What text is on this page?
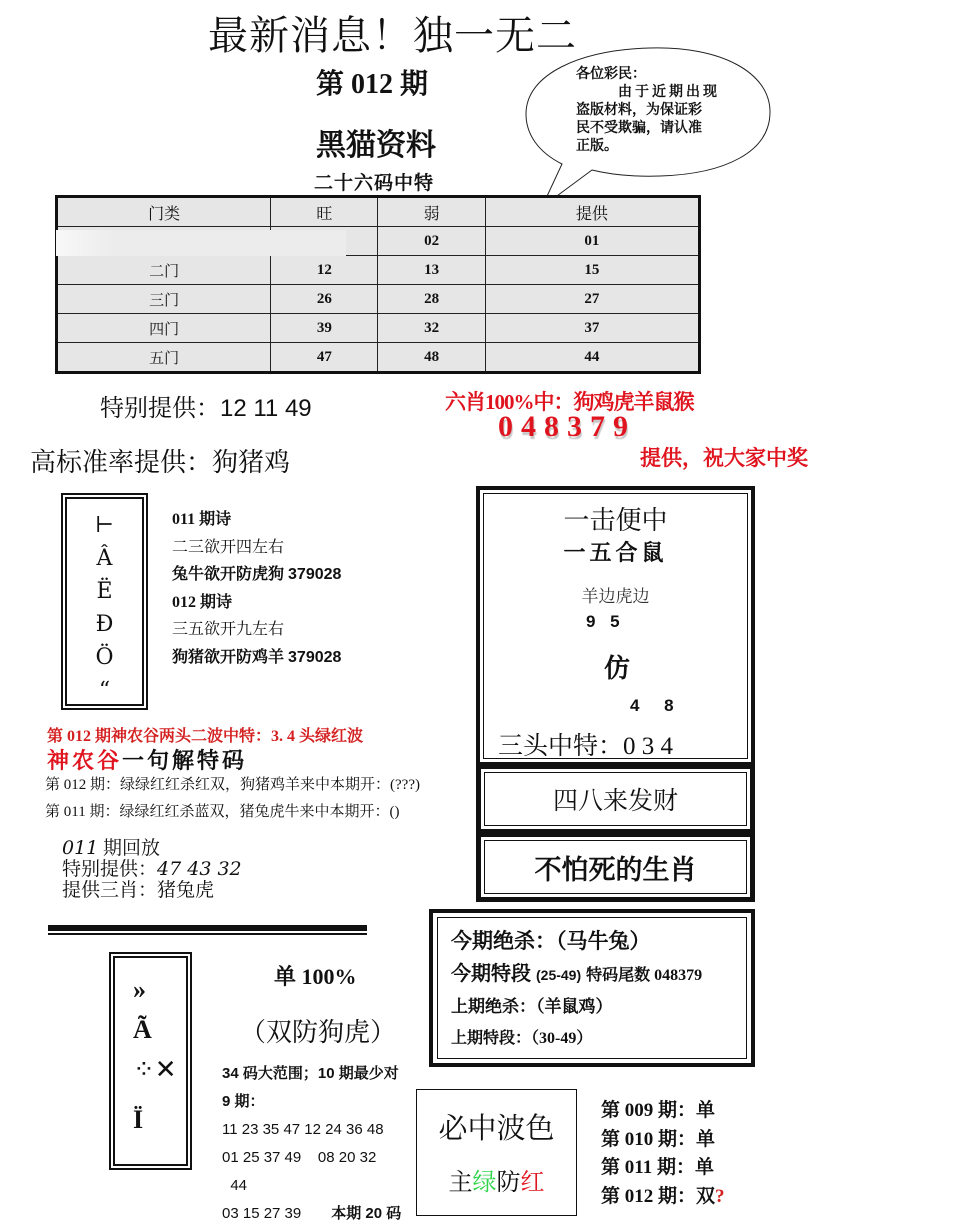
最新消息！独一无二
第 012 期
黑猫资料
二十六码中特
各位彩民：
由于近期出现
盗版材料，为保证彩
民不受欺骗，请认准
正版。
门类	旺	弱	提供
		02	01
二门	12	13	15
三门	26	28	27
四门	39	32	37
五门	47	48	44
特别提供：12 11 49
高标准率提供：狗猪鸡
六肖100%中：狗鸡虎羊鼠猴
048379
提供，祝大家中奖
⊢
Â
Ë
Ð
Ö
“
011 期诗
二三欲开四左右
兔牛欲开防虎狗 379028
012 期诗
三五欲开九左右
狗猪欲开防鸡羊 379028
一击便中
一五合鼠
羊边虎边
9 5
仿
4 8
三头中特：0 3 4
四八来发财
不怕死的生肖
第 012 期神农谷两头二波中特：3. 4 头绿红波
神农谷一句解特码
第 012 期：绿绿红红杀红双，狗猪鸡羊来中本期开：(???)
第 011 期：绿绿红红杀蓝双，猪兔虎牛来中本期开：()
011 期回放
特别提供：47 43 32
提供三肖：猪兔虎
»
Ã
⁘✕
Ï
单 100%
（双防狗虎）
34 码大范围；10 期最少对
9 期：
11 23 35 47 12 24 36 48
01 25 37 49    08 20 32
44
03 15 27 39 本期 20 码
今期绝杀：（马牛兔）
今期特段 (25-49) 特码尾数 048379
上期绝杀：（羊鼠鸡）
上期特段：（30-49）
必中波色
主绿防红
第 009 期：单
第 010 期：单
第 011 期：单
第 012 期：双?
